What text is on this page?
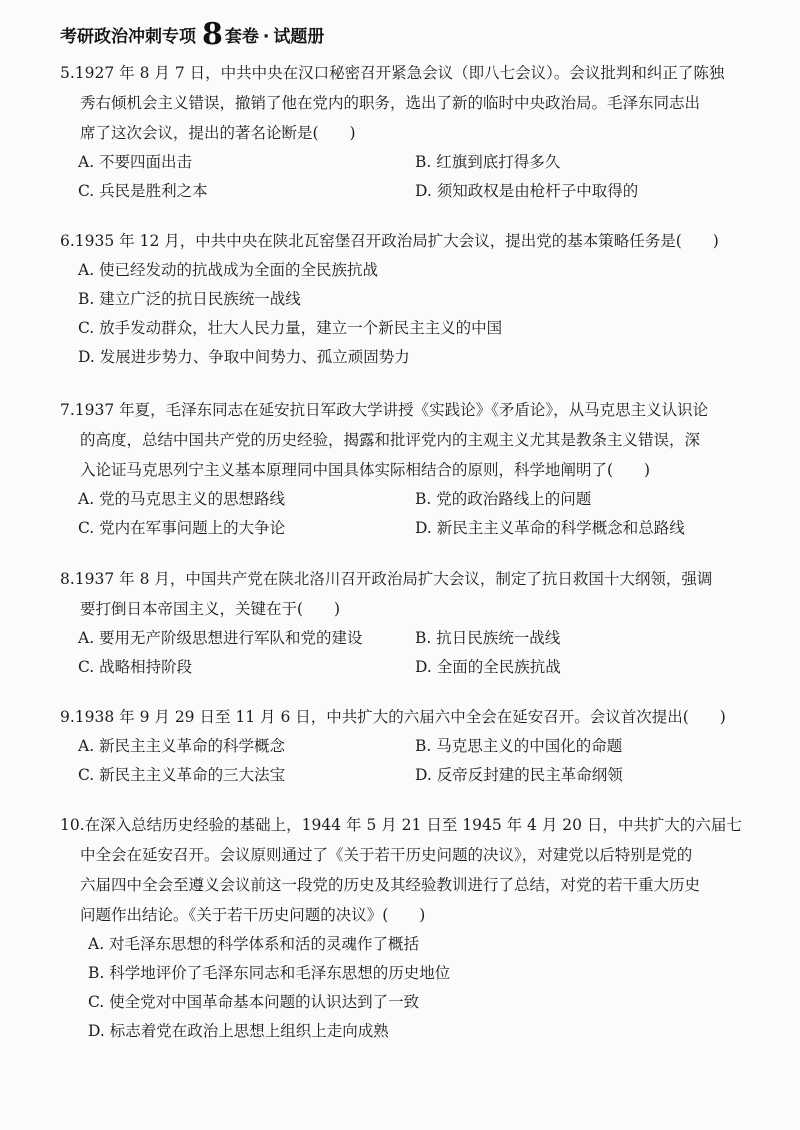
考研政治冲刺专项 8 套卷 · 试题册
5.1927 年 8 月 7 日，中共中央在汉口秘密召开紧急会议（即八七会议）。会议批判和纠正了陈独
秀右倾机会主义错误，撤销了他在党内的职务，选出了新的临时中央政治局。毛泽东同志出
席了这次会议，提出的著名论断是(　　)
A. 不要四面出击	B. 红旗到底打得多久
C. 兵民是胜利之本	D. 须知政权是由枪杆子中取得的
6.1935 年 12 月，中共中央在陕北瓦窑堡召开政治局扩大会议，提出党的基本策略任务是(　　)
A. 使已经发动的抗战成为全面的全民族抗战
B. 建立广泛的抗日民族统一战线
C. 放手发动群众，壮大人民力量，建立一个新民主主义的中国
D. 发展进步势力、争取中间势力、孤立顽固势力
7.1937 年夏，毛泽东同志在延安抗日军政大学讲授《实践论》《矛盾论》，从马克思主义认识论
的高度，总结中国共产党的历史经验，揭露和批评党内的主观主义尤其是教条主义错误，深
入论证马克思列宁主义基本原理同中国具体实际相结合的原则，科学地阐明了(　　)
A. 党的马克思主义的思想路线	B. 党的政治路线上的问题
C. 党内在军事问题上的大争论	D. 新民主主义革命的科学概念和总路线
8.1937 年 8 月，中国共产党在陕北洛川召开政治局扩大会议，制定了抗日救国十大纲领，强调
要打倒日本帝国主义，关键在于(　　)
A. 要用无产阶级思想进行军队和党的建设	B. 抗日民族统一战线
C. 战略相持阶段	D. 全面的全民族抗战
9.1938 年 9 月 29 日至 11 月 6 日，中共扩大的六届六中全会在延安召开。会议首次提出(　　)
A. 新民主主义革命的科学概念	B. 马克思主义的中国化的命题
C. 新民主主义革命的三大法宝	D. 反帝反封建的民主革命纲领
10.在深入总结历史经验的基础上，1944 年 5 月 21 日至 1945 年 4 月 20 日，中共扩大的六届七
中全会在延安召开。会议原则通过了《关于若干历史问题的决议》，对建党以后特别是党的
六届四中全会至遵义会议前这一段党的历史及其经验教训进行了总结，对党的若干重大历史
问题作出结论。《关于若干历史问题的决议》(　　)
A. 对毛泽东思想的科学体系和活的灵魂作了概括
B. 科学地评价了毛泽东同志和毛泽东思想的历史地位
C. 使全党对中国革命基本问题的认识达到了一致
D. 标志着党在政治上思想上组织上走向成熟
